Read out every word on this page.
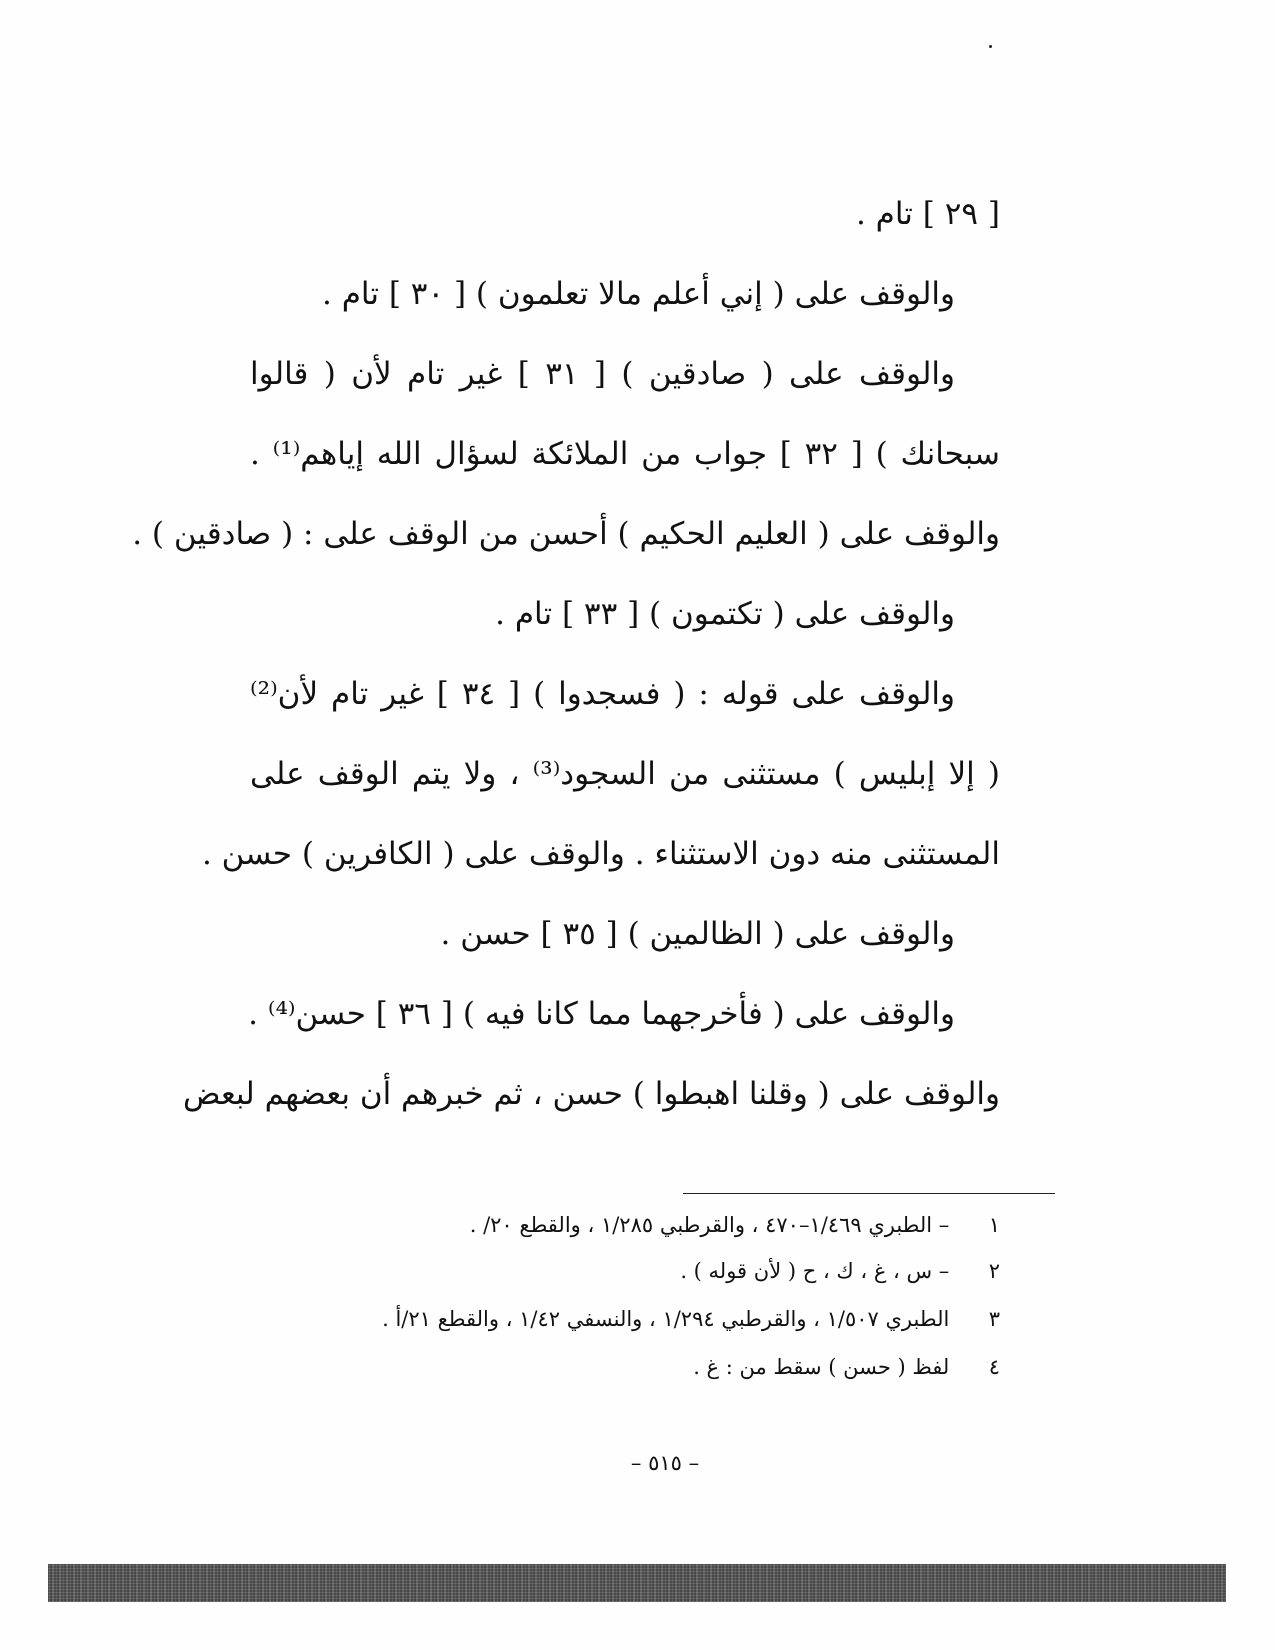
[ ٢٩ ] تام .
والوقف على ( إني أعلم مالا تعلمون ) [ ٣٠ ] تام .
والوقف على ( صادقين ) [ ٣١ ] غير تام لأن ( قالوا
سبحانك ) [ ٣٢ ] جواب من الملائكة لسؤال الله إياهم⁽¹⁾ .
والوقف على ( العليم الحكيم ) أحسن من الوقف على : ( صادقين ) .
والوقف على ( تكتمون ) [ ٣٣ ] تام .
والوقف على قوله : ( فسجدوا ) [ ٣٤ ] غير تام لأن⁽²⁾
( إلا إبليس ) مستثنى من السجود⁽³⁾ ، ولا يتم الوقف على
المستثنى منه دون الاستثناء . والوقف على ( الكافرين ) حسن .
والوقف على ( الظالمين ) [ ٣٥ ] حسن .
والوقف على ( فأخرجهما مما كانا فيه ) [ ٣٦ ] حسن⁽⁴⁾ .
والوقف على ( وقلنا اهبطوا ) حسن ، ثم خبرهم أن بعضهم لبعض
١ – الطبري ١/٤٦٩–٤٧٠ ، والقرطبي ١/٢٨٥ ، والقطع ٢٠/ .
٢ – س ، غ ، ك ، ح ( لأن قوله ) .
٣ الطبري ١/٥٠٧ ، والقرطبي ١/٢٩٤ ، والنسفي ١/٤٢ ، والقطع ٢١/أ .
٤ لفظ ( حسن ) سقط من : غ .
– ٥١٥ –
